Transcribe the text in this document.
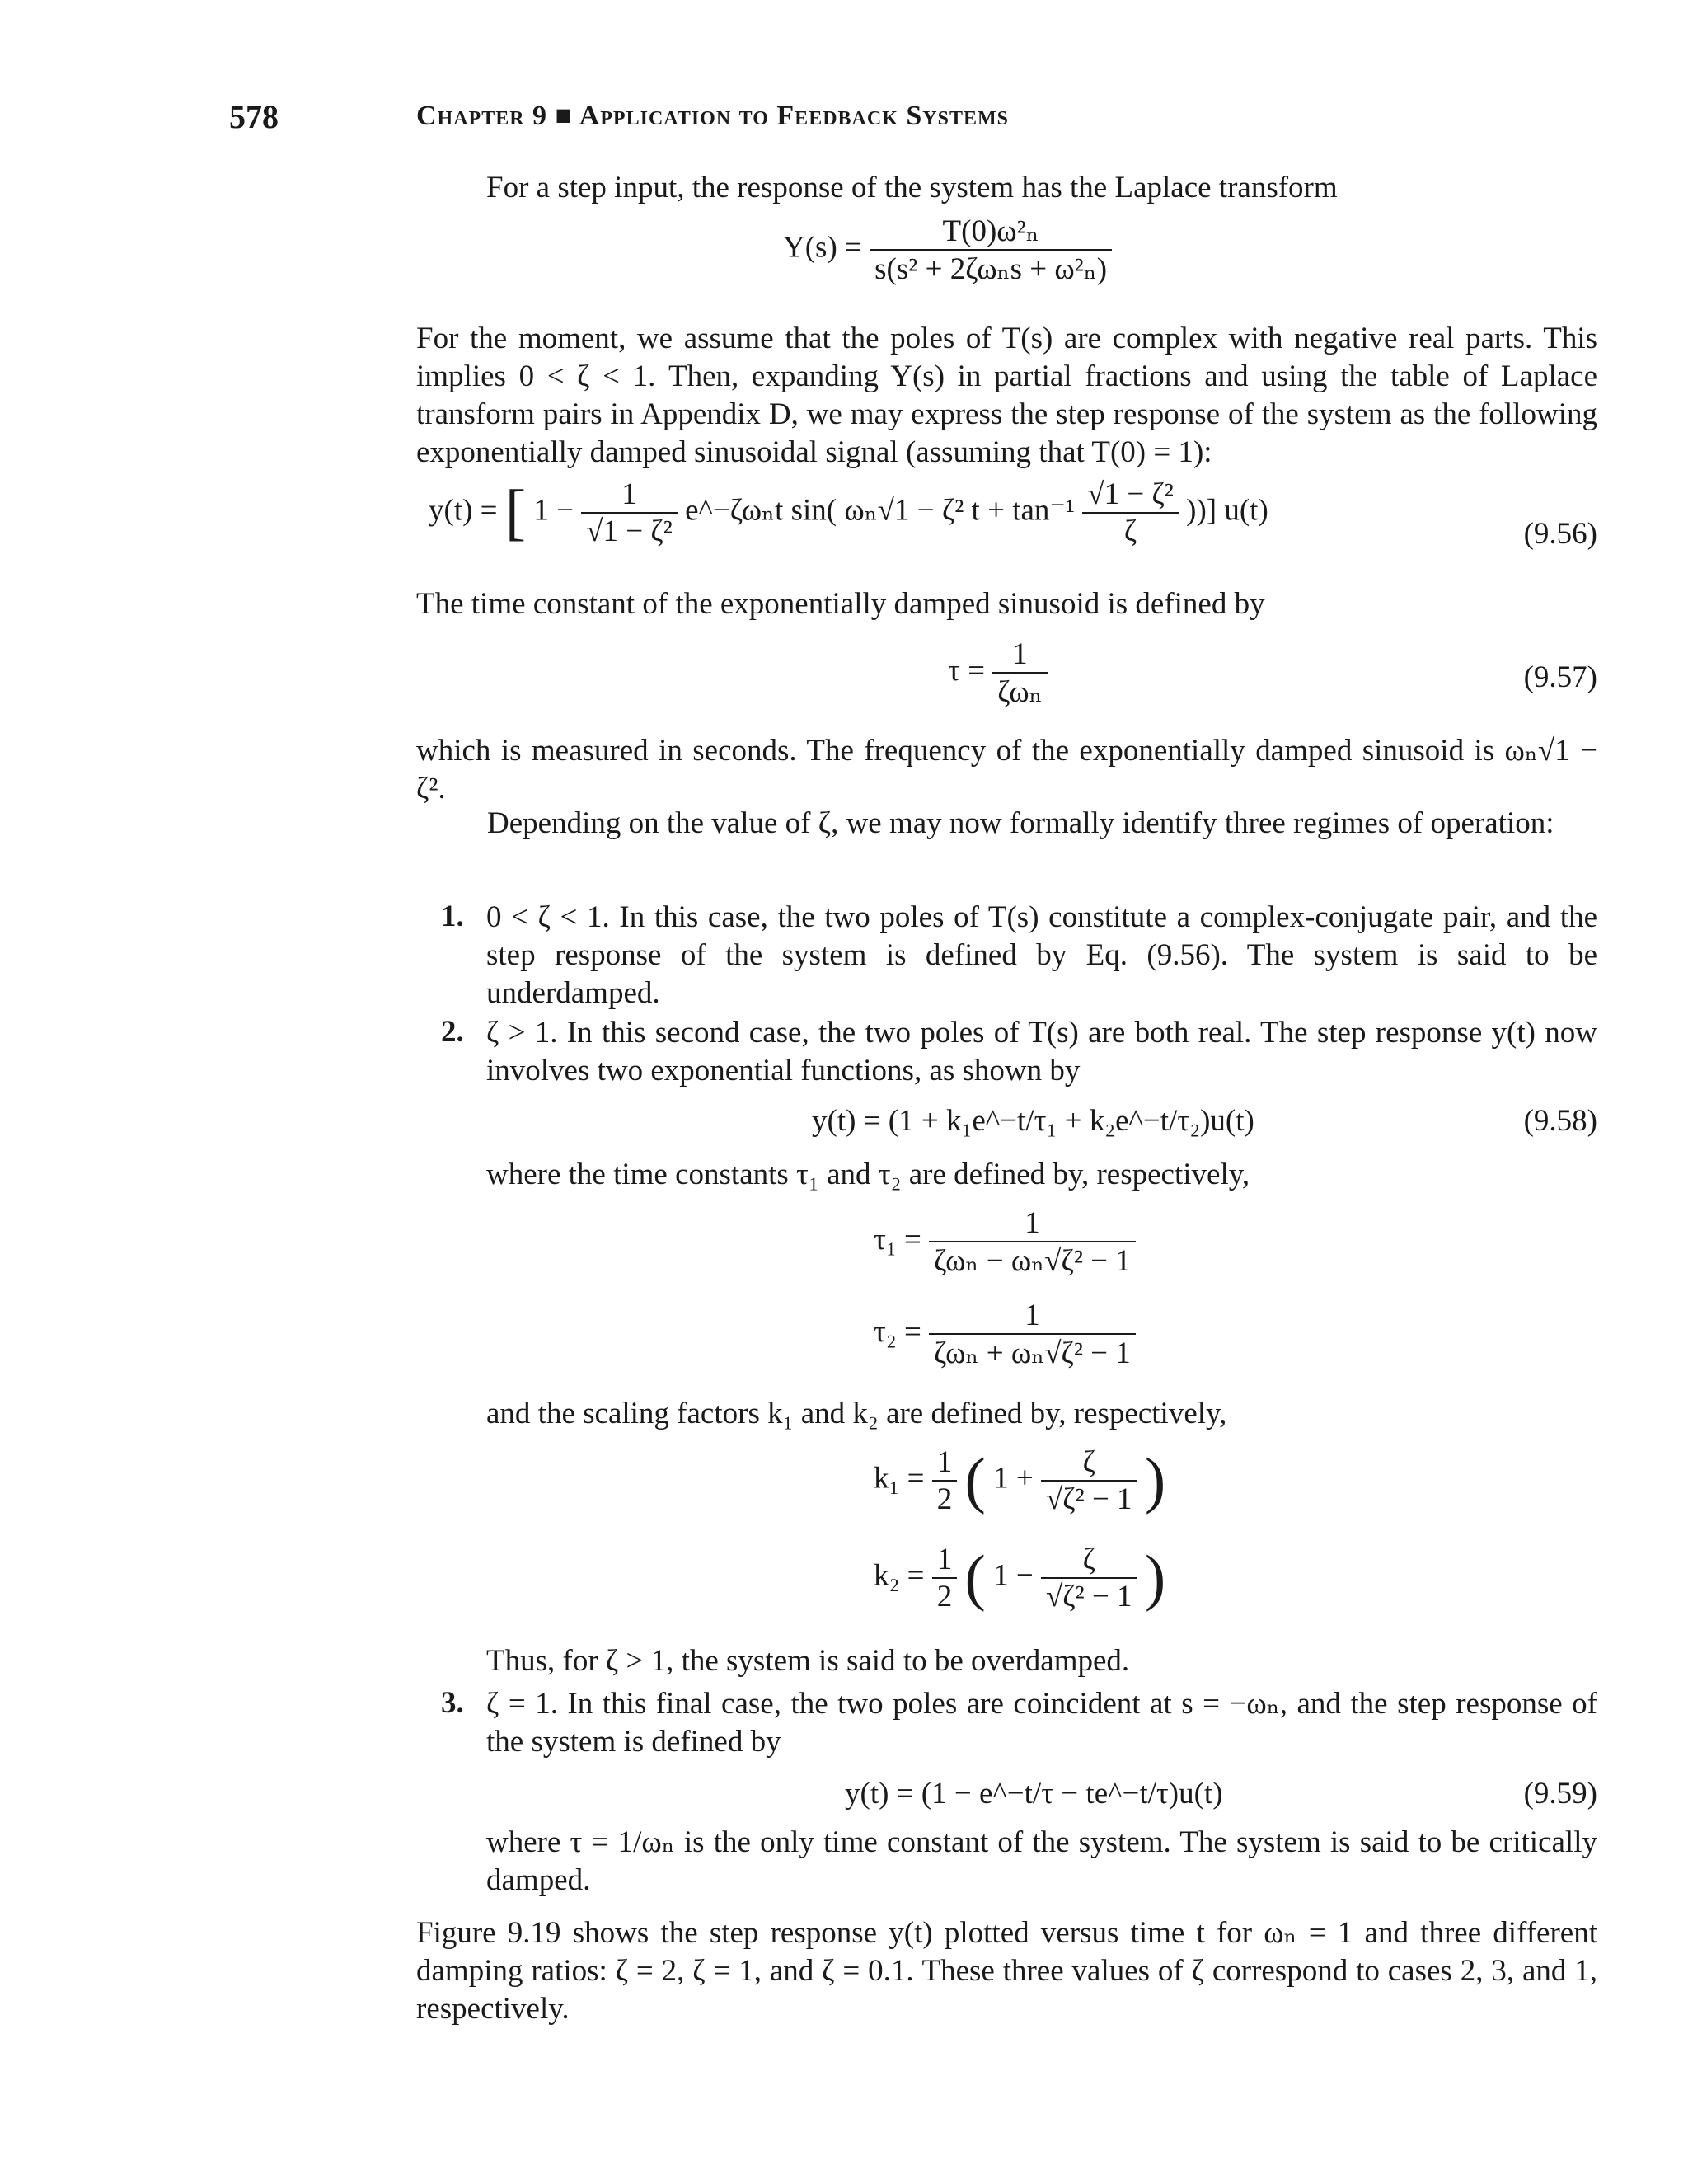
578	Chapter 9 ■ Application to Feedback Systems
For a step input, the response of the system has the Laplace transform
$Y(s) = \frac{\text{T(0)ω²ₙ}}{\text{s(s² + 2ζωₙs + ω²ₙ)}}$
For the moment, we assume that the poles of T(s) are complex with negative real parts. This implies 0 < ζ < 1. Then, expanding Y(s) in partial fractions and using the table of Laplace transform pairs in Appendix D, we may express the step response of the system as the following exponentially damped sinusoidal signal (assuming that T(0) = 1):
y(t) = [ $1 - \frac{1}{\text{√1 − ζ²}}$ e^−ζωₙt sin( ωₙ√1 − ζ² $t + \tan^{-1} \frac{\text{√1 − ζ²}}{\zeta}$ ))] u(t)
(9.56)
The time constant of the exponentially damped sinusoid is defined by
$\tau = \frac{1}{\text{ζωₙ}}$	(9.57)
which is measured in seconds. The frequency of the exponentially damped sinusoid is ωₙ√1 − ζ².
Depending on the value of ζ, we may now formally identify three regimes of operation:
1. 0 < ζ < 1. In this case, the two poles of T(s) constitute a complex-conjugate pair, and the step response of the system is defined by Eq. (9.56). The system is said to be underdamped.
2. ζ > 1. In this second case, the two poles of T(s) are both real. The step response y(t) now involves two exponential functions, as shown by
y(t) = (1 + k₁e^−t/τ₁ + k₂e^−t/τ₂)u(t)	(9.58)
where the time constants τ₁ and τ₂ are defined by, respectively,
$\tau_1 = \frac{1}{\text{ζωₙ − ωₙ√ζ² − 1}}$
$\tau_2 = \frac{1}{\text{ζωₙ + ωₙ√ζ² − 1}}$
and the scaling factors k₁ and k₂ are defined by, respectively,
$k_1 = \frac{1}{2}$ ( $1 + \frac{\zeta}{\text{√ζ² − 1}}$ )
$k_2 = \frac{1}{2}$ ( $1 - \frac{\zeta}{\text{√ζ² − 1}}$ )
Thus, for ζ > 1, the system is said to be overdamped.
3. ζ = 1. In this final case, the two poles are coincident at s = −ωₙ, and the step response of the system is defined by
y(t) = (1 − e^−t/τ − te^−t/τ)u(t)	(9.59)
where τ = 1/ωₙ is the only time constant of the system. The system is said to be critically damped.
Figure 9.19 shows the step response y(t) plotted versus time t for ωₙ = 1 and three different damping ratios: ζ = 2, ζ = 1, and ζ = 0.1. These three values of ζ correspond to cases 2, 3, and 1, respectively.
